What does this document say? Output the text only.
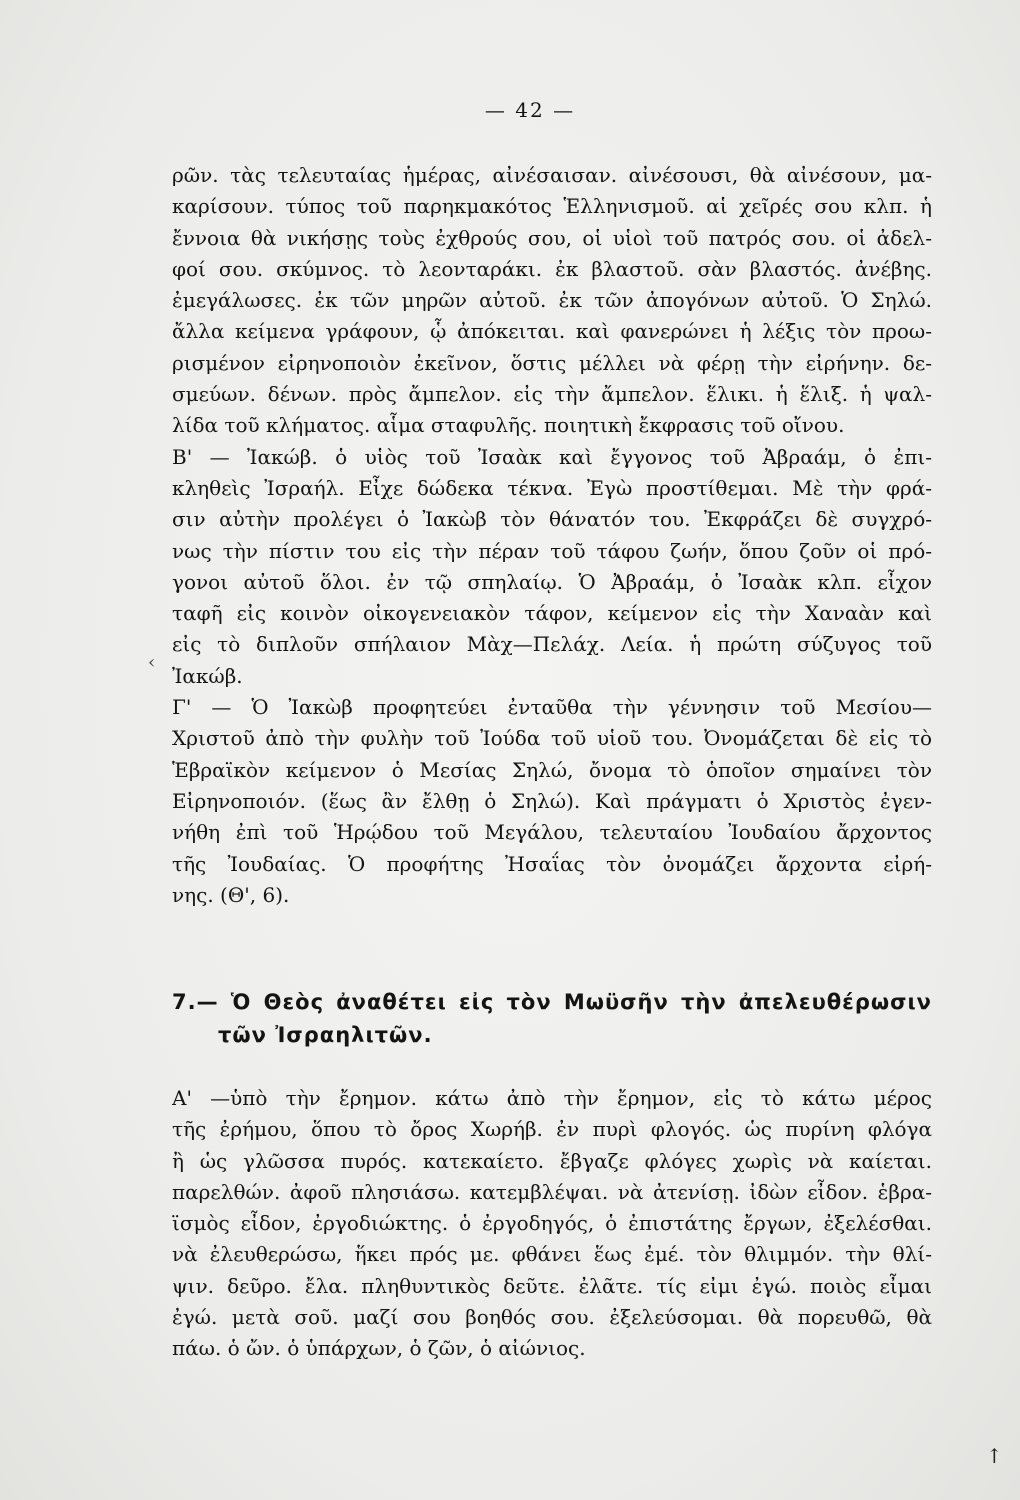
— 42 —
ρῶν. τὰς τελευταίας ἡμέρας, αἰνέσαισαν. αἰνέσουσι, θὰ αἰνέσουν, μα-
καρίσουν. τύπος τοῦ παρηκμακότος Ἑλληνισμοῦ. αἱ χεῖρές σου κλπ. ἡ
ἔννοια θὰ νικήσῃς τοὺς ἐχθρούς σου, οἱ υἱοὶ τοῦ πατρός σου. οἱ ἀδελ-
φοί σου. σκύμνος. τὸ λεονταράκι. ἐκ βλαστοῦ. σὰν βλαστός. ἀνέβης.
ἐμεγάλωσες. ἐκ τῶν μηρῶν αὐτοῦ. ἐκ τῶν ἀπογόνων αὐτοῦ. Ὁ Σηλώ.
ἄλλα κείμενα γράφουν, ᾧ ἀπόκειται. καὶ φανερώνει ἡ λέξις τὸν προω-
ρισμένον εἰρηνοποιὸν ἐκεῖνον, ὅστις μέλλει νὰ φέρῃ τὴν εἰρήνην. δε-
σμεύων. δένων. πρὸς ἄμπελον. εἰς τὴν ἄμπελον. ἕλικι. ἡ ἕλιξ. ἡ ψαλ-
λίδα τοῦ κλήματος. αἷμα σταφυλῆς. ποιητικὴ ἔκφρασις τοῦ οἴνου.
Β' — Ἰακώβ. ὁ υἱὸς τοῦ Ἰσαὰκ καὶ ἔγγονος τοῦ Ἀβραάμ, ὁ ἐπι-
κληθεὶς Ἰσραήλ. Εἶχε δώδεκα τέκνα. Ἐγὼ προστίθεμαι. Μὲ τὴν φρά-
σιν αὐτὴν προλέγει ὁ Ἰακὼβ τὸν θάνατόν του. Ἐκφράζει δὲ συγχρό-
νως τὴν πίστιν του εἰς τὴν πέραν τοῦ τάφου ζωήν, ὅπου ζοῦν οἱ πρό-
γονοι αὐτοῦ ὅλοι. ἐν τῷ σπηλαίῳ. Ὁ Ἀβραάμ, ὁ Ἰσαὰκ κλπ. εἶχον
ταφῆ εἰς κοινὸν οἰκογενειακὸν τάφον, κείμενον εἰς τὴν Χαναὰν καὶ
εἰς τὸ διπλοῦν σπήλαιον Μὰχ—Πελάχ. Λεία. ἡ πρώτη σύζυγος τοῦ
Ἰακώβ.
Γ' — Ὁ Ἰακὼβ προφητεύει ἐνταῦθα τὴν γέννησιν τοῦ Μεσίου—
Χριστοῦ ἀπὸ τὴν φυλὴν τοῦ Ἰούδα τοῦ υἱοῦ του. Ὀνομάζεται δὲ εἰς τὸ
Ἑβραϊκὸν κείμενον ὁ Μεσίας Σηλώ, ὄνομα τὸ ὁποῖον σημαίνει τὸν
Εἰρηνοποιόν. (ἕως ἂν ἔλθῃ ὁ Σηλώ). Καὶ πράγματι ὁ Χριστὸς ἐγεν-
νήθη ἐπὶ τοῦ Ἡρῴδου τοῦ Μεγάλου, τελευταίου Ἰουδαίου ἄρχοντος
τῆς Ἰουδαίας. Ὁ προφήτης Ἠσαΐας τὸν ὀνομάζει ἄρχοντα εἰρή-
νης. (Θ', 6).
7.— Ὁ Θεὸς ἀναθέτει εἰς τὸν Μωϋσῆν τὴν ἀπελευθέρωσιν
τῶν Ἰσραηλιτῶν.
Α' —ὑπὸ τὴν ἔρημον. κάτω ἀπὸ τὴν ἔρημον, εἰς τὸ κάτω μέρος
τῆς ἐρήμου, ὅπου τὸ ὄρος Χωρήβ. ἐν πυρὶ φλογός. ὡς πυρίνη φλόγα
ἢ ὡς γλῶσσα πυρός. κατεκαίετο. ἔβγαζε φλόγες χωρὶς νὰ καίεται.
παρελθών. ἀφοῦ πλησιάσω. κατεμβλέψαι. νὰ ἀτενίσῃ. ἰδὼν εἶδον. ἑβρα-
ϊσμὸς εἶδον, ἐργοδιώκτης. ὁ ἐργοδηγός, ὁ ἐπιστάτης ἔργων, ἐξελέσθαι.
νὰ ἐλευθερώσω, ἥκει πρός με. φθάνει ἕως ἐμέ. τὸν θλιμμόν. τὴν θλί-
ψιν. δεῦρο. ἔλα. πληθυντικὸς δεῦτε. ἐλᾶτε. τίς εἰμι ἐγώ. ποιὸς εἶμαι
ἐγώ. μετὰ σοῦ. μαζί σου βοηθός σου. ἐξελεύσομαι. θὰ πορευθῶ, θὰ
πάω. ὁ ὤν. ὁ ὑπάρχων, ὁ ζῶν, ὁ αἰώνιος.
‹
↑
